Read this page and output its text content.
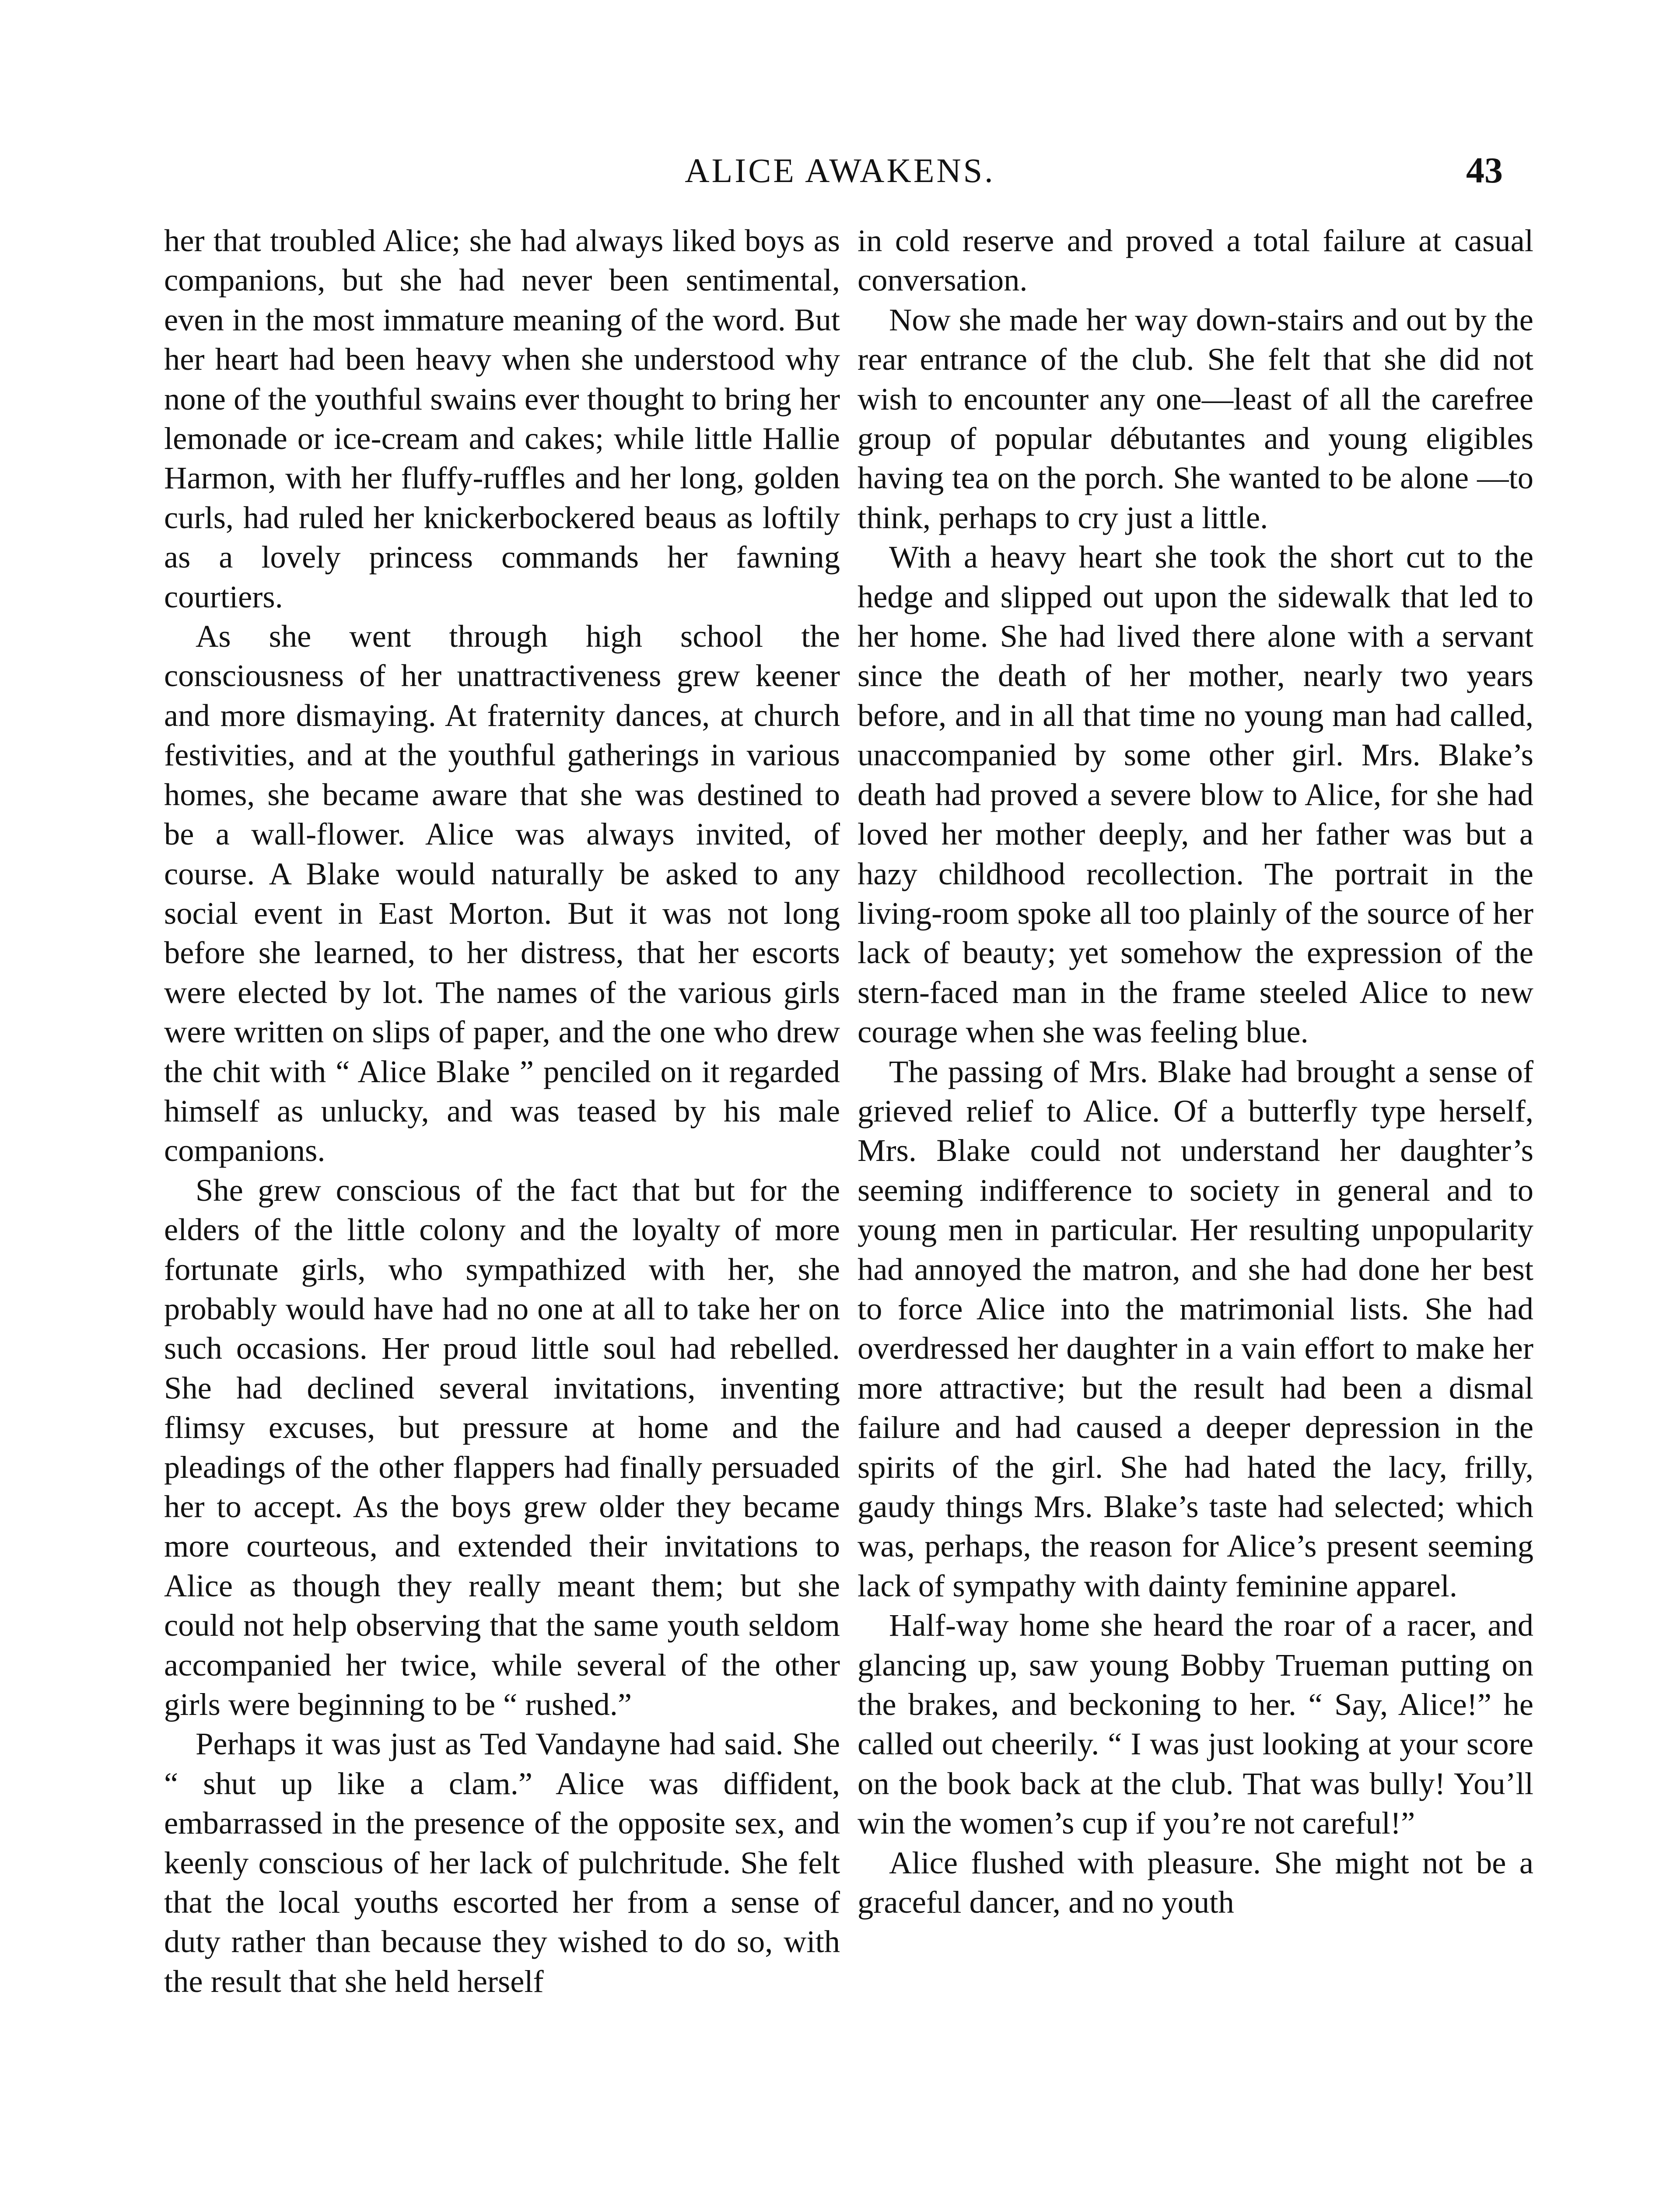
ALICE AWAKENS.	43

her that troubled Alice; she had always liked boys as companions, but she had never been sentimental, even in the most immature meaning of the word. But her heart had been heavy when she understood why none of the youthful swains ever thought to bring her lemonade or ice-cream and cakes; while little Hallie Harmon, with her fluffy-ruffles and her long, golden curls, had ruled her knickerbockered beaus as loftily as a lovely princess commands her fawning courtiers.

As she went through high school the consciousness of her unattractiveness grew keener and more dismaying. At fraternity dances, at church festivities, and at the youthful gatherings in various homes, she became aware that she was destined to be a wall-flower. Alice was always invited, of course. A Blake would naturally be asked to any social event in East Morton. But it was not long before she learned, to her distress, that her escorts were elected by lot. The names of the various girls were written on slips of paper, and the one who drew the chit with “ Alice Blake ” penciled on it regarded himself as unlucky, and was teased by his male companions.

She grew conscious of the fact that but for the elders of the little colony and the loyalty of more fortunate girls, who sympathized with her, she probably would have had no one at all to take her on such occasions. Her proud little soul had rebelled. She had declined several invitations, inventing flimsy excuses, but pressure at home and the pleadings of the other flappers had finally persuaded her to accept. As the boys grew older they became more courteous, and extended their invitations to Alice as though they really meant them; but she could not help observing that the same youth seldom accompanied her twice, while several of the other girls were beginning to be “ rushed.”

Perhaps it was just as Ted Vandayne had said. She “ shut up like a clam.” Alice was diffident, embarrassed in the presence of the opposite sex, and keenly conscious of her lack of pulchritude. She felt that the local youths escorted her from a sense of duty rather than because they wished to do so, with the result that she held herself

in cold reserve and proved a total failure at casual conversation.

Now she made her way down-stairs and out by the rear entrance of the club. She felt that she did not wish to encounter any one—least of all the carefree group of popular débutantes and young eligibles having tea on the porch. She wanted to be alone —to think, perhaps to cry just a little.

With a heavy heart she took the short cut to the hedge and slipped out upon the sidewalk that led to her home. She had lived there alone with a servant since the death of her mother, nearly two years before, and in all that time no young man had called, unaccompanied by some other girl. Mrs. Blake’s death had proved a severe blow to Alice, for she had loved her mother deeply, and her father was but a hazy childhood recollection. The portrait in the living-room spoke all too plainly of the source of her lack of beauty; yet somehow the expression of the stern-faced man in the frame steeled Alice to new courage when she was feeling blue.

The passing of Mrs. Blake had brought a sense of grieved relief to Alice. Of a butterfly type herself, Mrs. Blake could not understand her daughter’s seeming indifference to society in general and to young men in particular. Her resulting unpopularity had annoyed the matron, and she had done her best to force Alice into the matrimonial lists. She had overdressed her daughter in a vain effort to make her more attractive; but the result had been a dismal failure and had caused a deeper depression in the spirits of the girl. She had hated the lacy, frilly, gaudy things Mrs. Blake’s taste had selected; which was, perhaps, the reason for Alice’s present seeming lack of sympathy with dainty feminine apparel.

Half-way home she heard the roar of a racer, and glancing up, saw young Bobby Trueman putting on the brakes, and beckoning to her. “ Say, Alice!” he called out cheerily. “ I was just looking at your score on the book back at the club. That was bully! You’ll win the women’s cup if you’re not careful!”

Alice flushed with pleasure. She might not be a graceful dancer, and no youth
